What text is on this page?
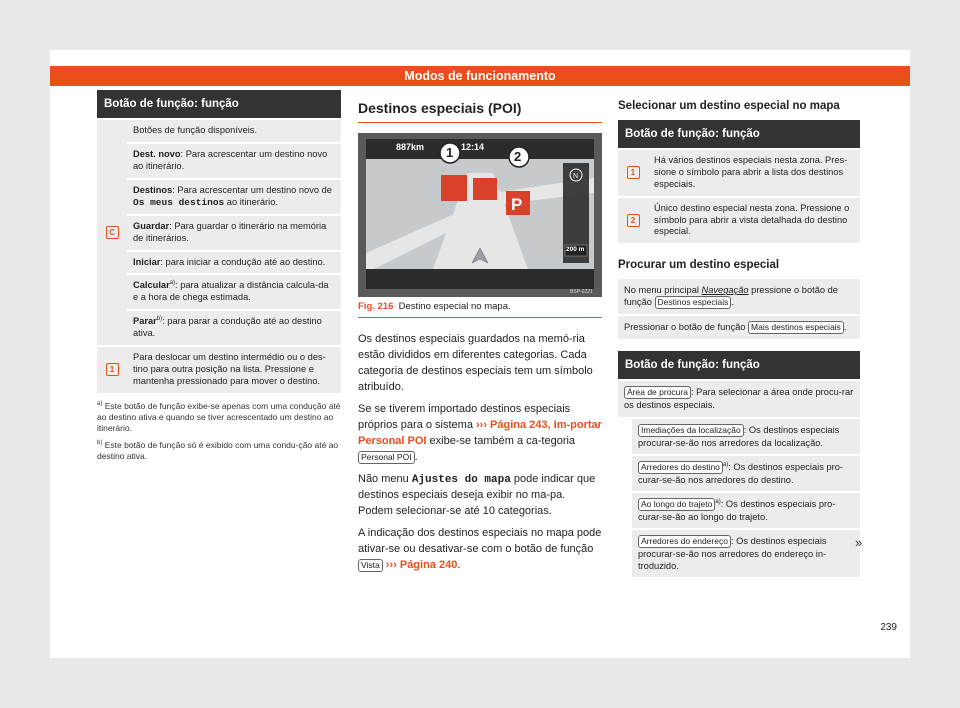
Modos de funcionamento
Botão de função: função
C	Botões de função disponíveis.
	Dest. novo: Para acrescentar um destino novo ao itinerário.
	Destinos: Para acrescentar um destino novo de Os meus destinos ao itinerário.
	Guardar: Para guardar o itinerário na memória de itinerários.
	Iniciar: para iniciar a condução até ao destino.
	Calcular$^{a)}$: para atualizar a distância calcula-da e a hora de chega estimada.
	Parar$^{b)}$: para parar a condução até ao destino ativa.
1	Para deslocar um destino intermédio ou o des-tino para outra posição na lista. Pressione e mantenha pressionado para mover o destino.
$^{a)}$ Este botão de função exibe-se apenas com uma condução até ao destino ativa e quando se tiver acrescentado um destino ao itinerário.
$^{b)}$ Este botão de função só é exibido com uma condu-ção até ao destino ativa.
Destinos especiais (POI)
N
P
887km	12:14
1	2
200 m
BSP-0221
Fig. 216 Destino especial no mapa.

Os destinos especiais guardados na memó-ria estão divididos em diferentes categorias. Cada categoria de destinos especiais tem um símbolo atribuído.

Se se tiverem importado destinos especiais próprios para o sistema ››› Página 243, Im-portar Personal POI exibe-se também a ca-tegoria Personal POI .

Não menu Ajustes do mapa pode indicar que destinos especiais deseja exibir no ma-pa. Podem selecionar-se até 10 categorias.

A indicação dos destinos especiais no mapa pode ativar-se ou desativar-se com o botão de função Vista ››› Página 240.

Selecionar um destino especial no mapa
Botão de função: função
1	Há vários destinos especiais nesta zona. Pres-sione o símbolo para abrir a lista dos destinos especiais.
2	Único destino especial nesta zona. Pressione o símbolo para abrir a vista detalhada do destino especial.
Procurar um destino especial
No menu principal Navegação pressione o botão de função Destinos especiais .
Pressionar o botão de função Mais destinos especiais .
Botão de função: função
Área de procura : Para selecionar a área onde procu-rar os destinos especiais.
Imediações da localização : Os destinos especiais procurar-se-ão nos arredores da localização.
Arredores do destino $^{a)}$: Os destinos especiais pro-curar-se-ão nos arredores do destino.
Ao longo do trajeto $^{a)}$: Os destinos especiais pro-curar-se-ão ao longo do trajeto.
Arredores do endereço : Os destinos especiais procurar-se-ão nos arredores do endereço in-troduzido.
»
239
